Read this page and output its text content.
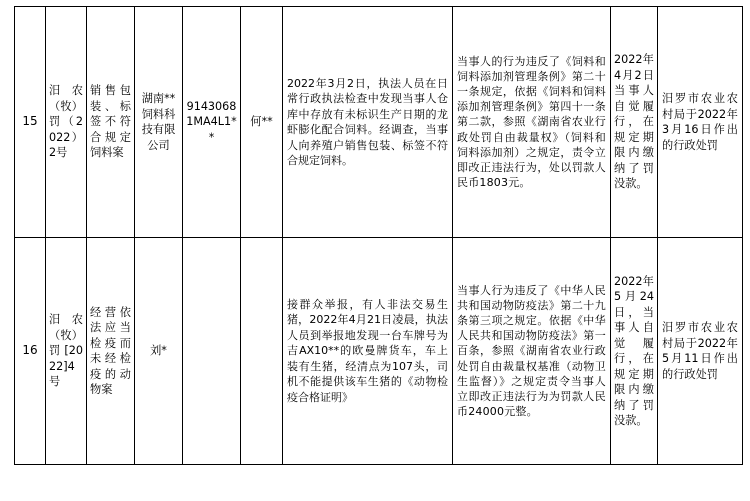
15	汨农（牧）罚（2022）2号	销售包装、标签不符合规定饲料案	湖南**饲料科技有限公司	91430681MA4L1**	何**	2022年3月2日，执法人员在日常行政执法检查中发现当事人仓库中存放有未标识生产日期的龙虾膨化配合饲料。经调查，当事人向养殖户销售包装、标签不符合规定饲料。	当事人的行为违反了《饲料和饲料添加剂管理条例》第二十一条规定，依据《饲料和饲料添加剂管理条例》第四十一条第二款，参照《湖南省农业行政处罚自由裁量权》（饲料和饲料添加剂）之规定，责令立即改正违法行为，处以罚款人民币1803元。	2022年4月2日当事人自觉履行，在规定期限内缴纳了罚没款。	汨罗市农业农村局于2022年3月16日作出的行政处罚

16	汨农（牧）罚[2022]4号	经营依法应当检疫而未经检疫的动物案	刘*			接群众举报，有人非法交易生猪，2022年4月21日凌晨，执法人员到举报地发现一台车牌号为吉AX10**的欧曼牌货车，车上装有生猪，经清点为107头，司机不能提供该车生猪的《动物检疫合格证明》	当事人行为违反了《中华人民共和国动物防疫法》第二十九条第三项之规定。依据《中华人民共和国动物防疫法》第一百条，参照《湖南省农业行政处罚自由裁量权基准（动物卫生监督）》之规定责令当事人立即改正违法行为为罚款人民币24000元整。	2022年5月24日，当事人自觉履行，在规定期限内缴纳了罚没款。	汨罗市农业农村局于2022年5月11日作出的行政处罚
